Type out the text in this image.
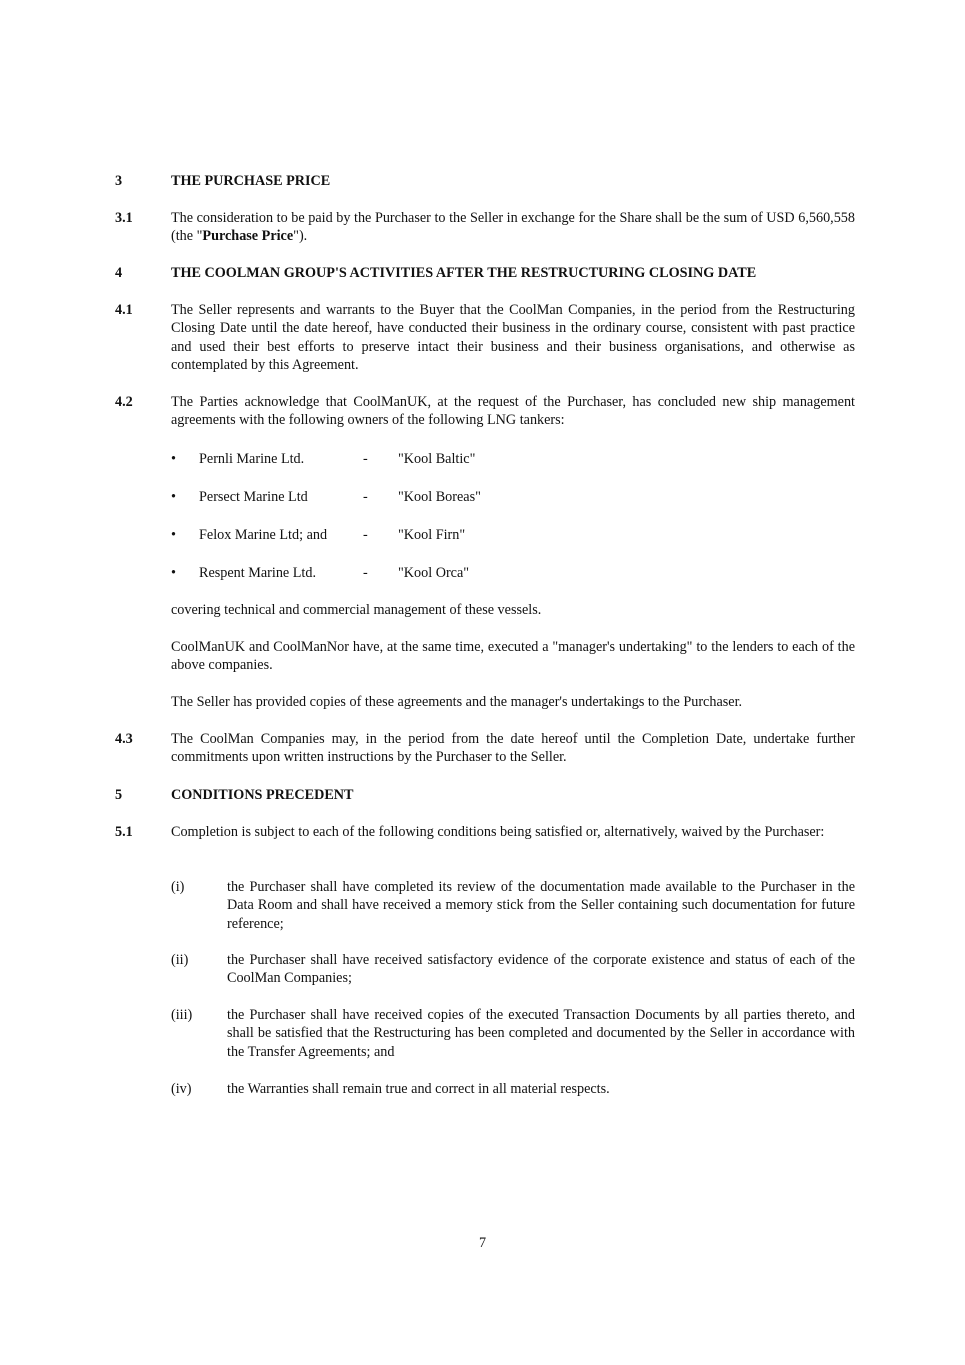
3	THE PURCHASE PRICE
3.1	The consideration to be paid by the Purchaser to the Seller in exchange for the Share shall be the sum of USD 6,560,558 (the "Purchase Price").
4	THE COOLMAN GROUP'S ACTIVITIES AFTER THE RESTRUCTURING CLOSING DATE
4.1	The Seller represents and warrants to the Buyer that the CoolMan Companies, in the period from the Restructuring Closing Date until the date hereof, have conducted their business in the ordinary course, consistent with past practice and used their best efforts to preserve intact their business and their business organisations, and otherwise as contemplated by this Agreement.
4.2	The Parties acknowledge that CoolManUK, at the request of the Purchaser, has concluded new ship management agreements with the following owners of the following LNG tankers:
• Pernli Marine Ltd.	- "Kool Baltic"
• Persect Marine Ltd	- "Kool Boreas"
• Felox Marine Ltd; and	- "Kool Firn"
• Respent Marine Ltd.	- "Kool Orca"
covering technical and commercial management of these vessels.
CoolManUK and CoolManNor have, at the same time, executed a "manager's undertaking" to the lenders to each of the above companies.
The Seller has provided copies of these agreements and the manager's undertakings to the Purchaser.
4.3	The CoolMan Companies may, in the period from the date hereof until the Completion Date, undertake further commitments upon written instructions by the Purchaser to the Seller.
5	CONDITIONS PRECEDENT
5.1	Completion is subject to each of the following conditions being satisfied or, alternatively, waived by the Purchaser:
(i)	the Purchaser shall have completed its review of the documentation made available to the Purchaser in the Data Room and shall have received a memory stick from the Seller containing such documentation for future reference;
(ii)	the Purchaser shall have received satisfactory evidence of the corporate existence and status of each of the CoolMan Companies;
(iii) the Purchaser shall have received copies of the executed Transaction Documents by all parties thereto, and shall be satisfied that the Restructuring has been completed and documented by the Seller in accordance with the Transfer Agreements; and
(iv)	the Warranties shall remain true and correct in all material respects.
7
